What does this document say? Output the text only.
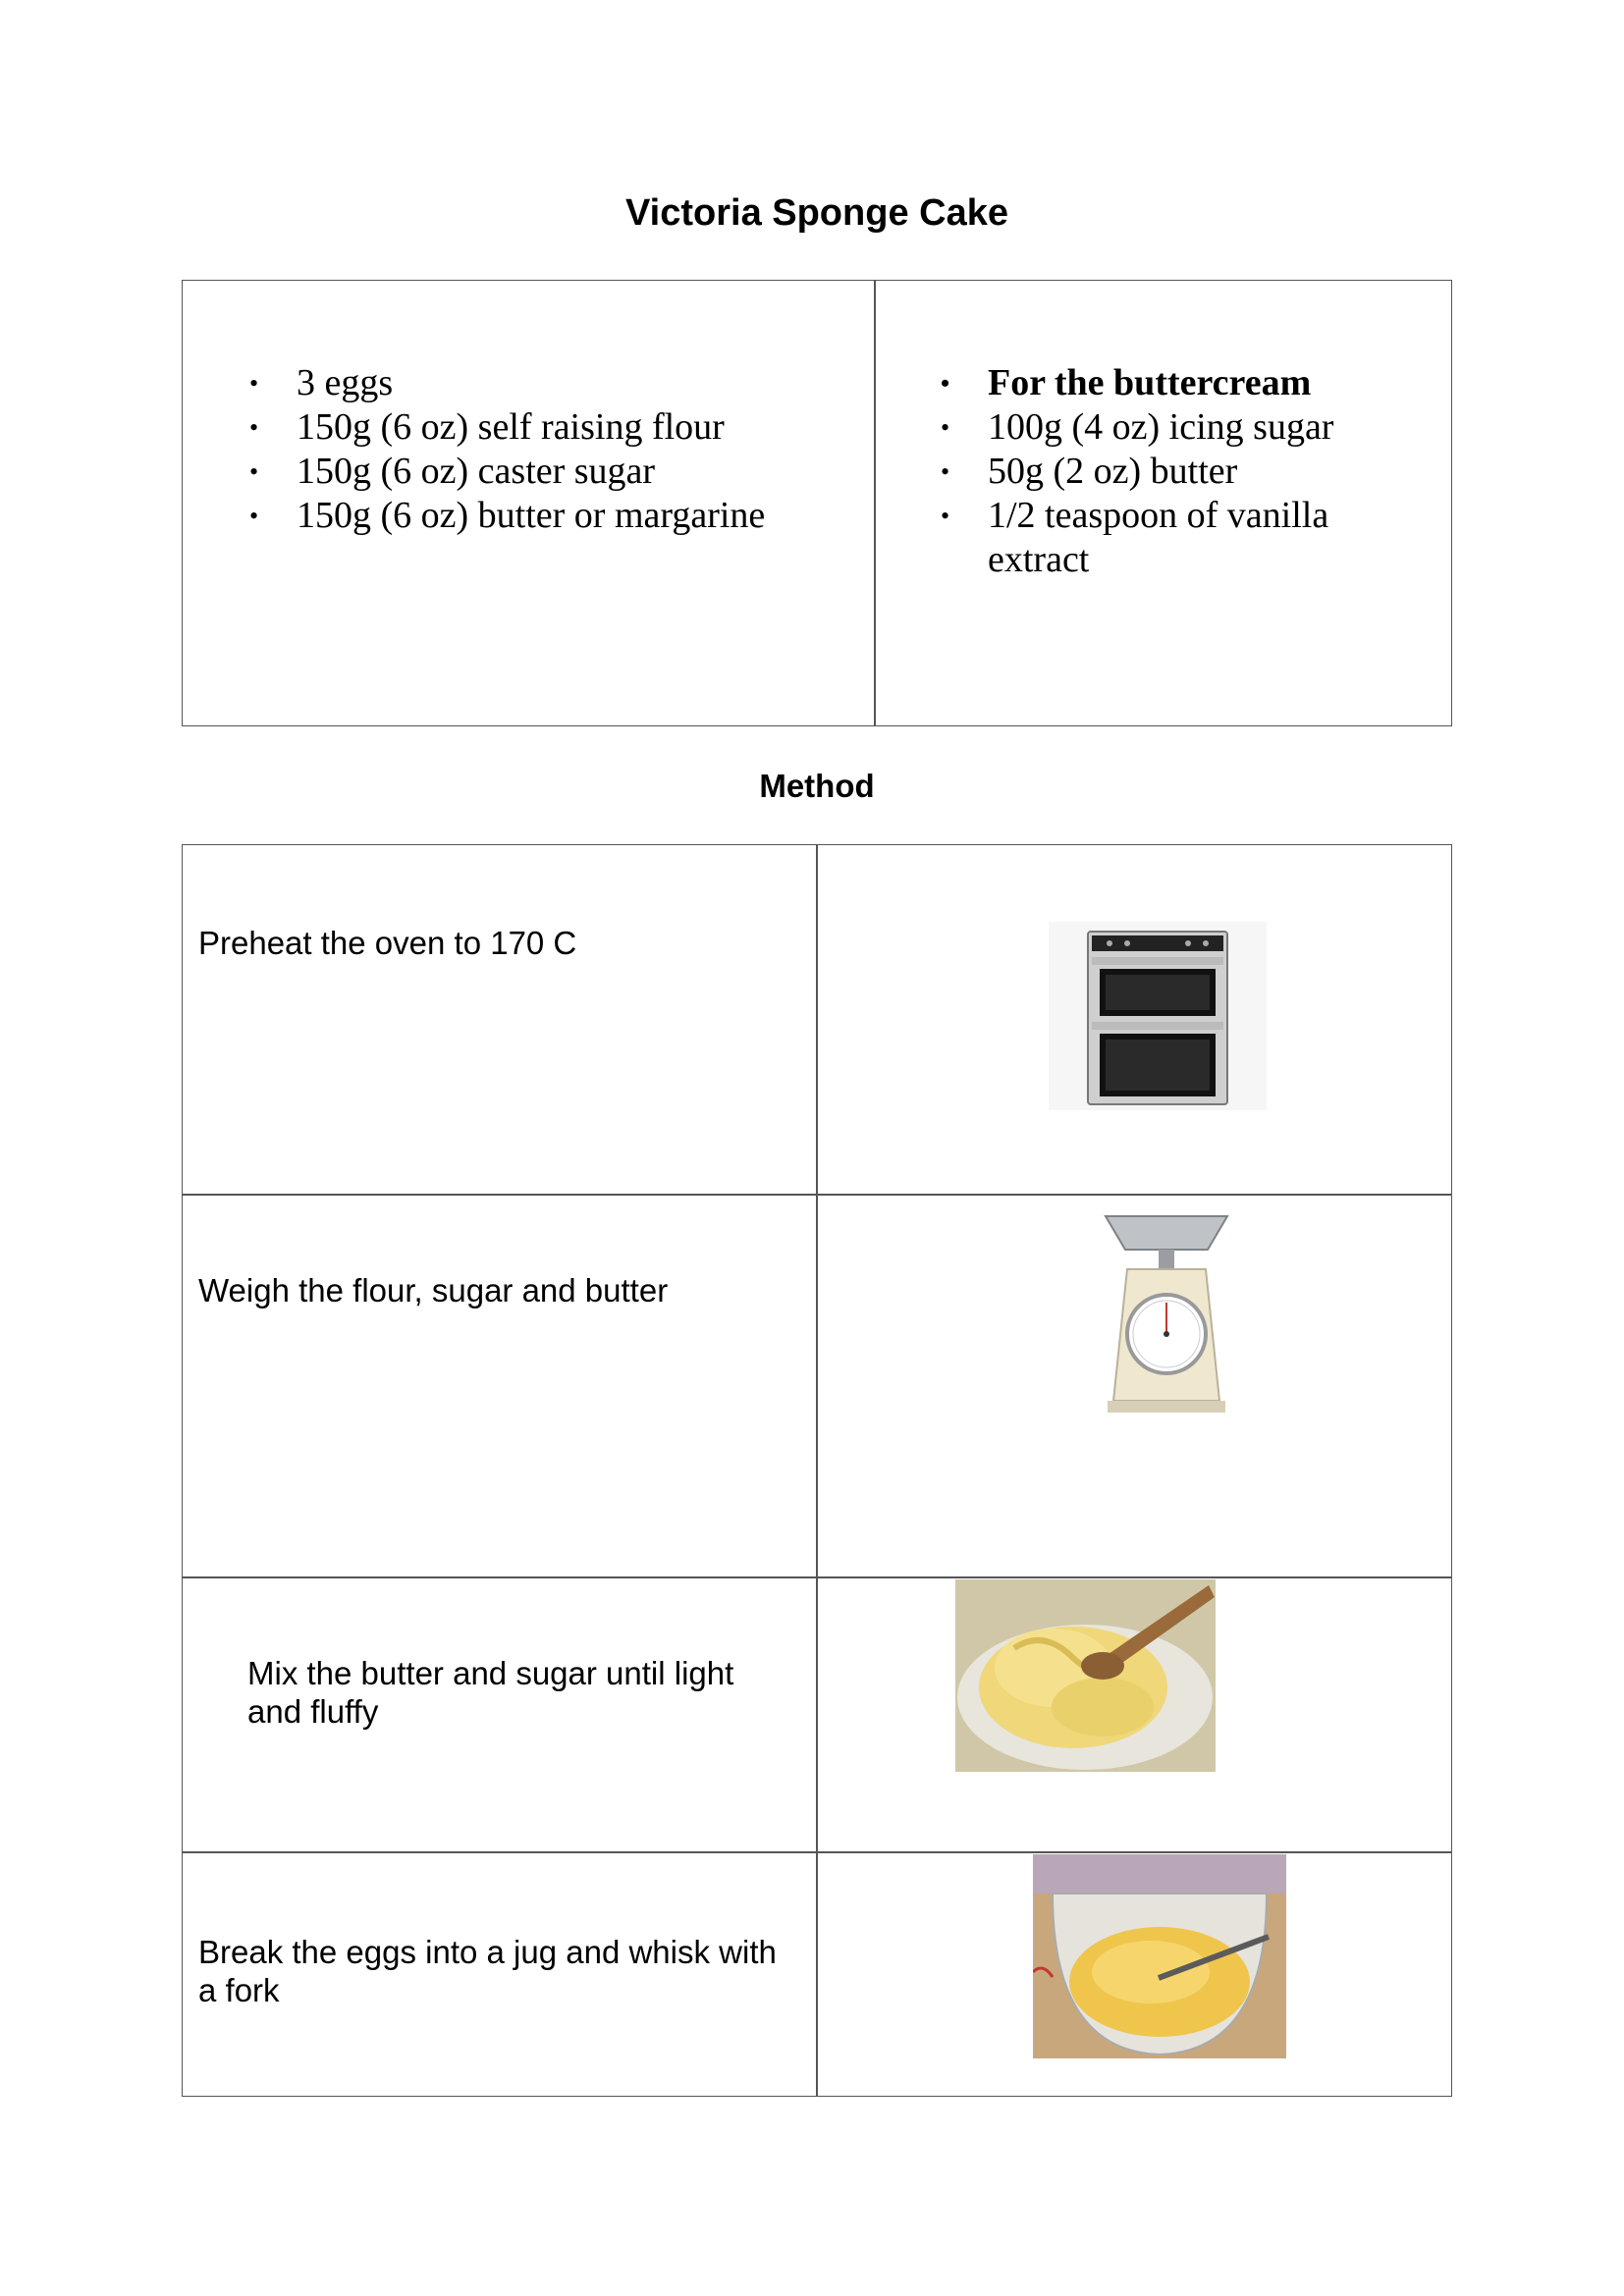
Victoria Sponge Cake
• 3 eggs
• 150g (6 oz) self raising flour
• 150g (6 oz) caster sugar
• 150g (6 oz) butter or margarine
• For the buttercream
• 100g (4 oz) icing sugar
• 50g (2 oz) butter
• 1/2 teaspoon of vanilla extract
Method
Preheat the oven to 170 C
Weigh the flour, sugar and butter
Mix the butter and sugar until light and fluffy
Break the eggs into a jug and whisk with a fork
